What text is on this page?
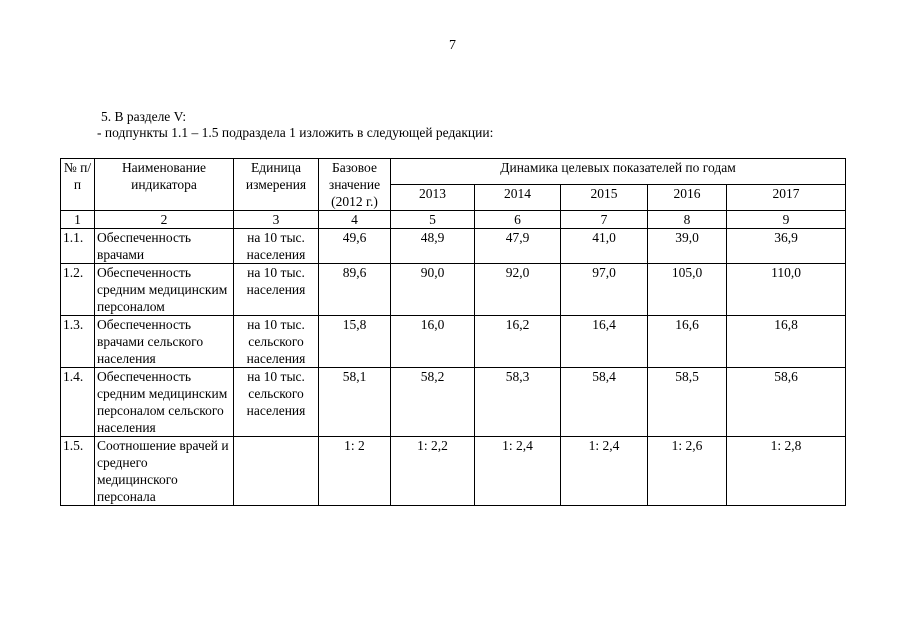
7
5. В разделе V:
- подпункты 1.1 – 1.5 подраздела 1 изложить в следующей редакции:
№ п/п	Наименование индикатора	Единица измерения	Базовое значение (2012 г.)	Динамика целевых показателей по годам				
				2013	2014	2015	2016	2017
1	2	3	4	5	6	7	8	9
1.1.	Обеспеченность врачами	на 10 тыс. населения	49,6	48,9	47,9	41,0	39,0	36,9
1.2.	Обеспеченность средним медицинским персоналом	на 10 тыс. населения	89,6	90,0	92,0	97,0	105,0	110,0
1.3.	Обеспеченность врачами сельского населения	на 10 тыс. сельского населения	15,8	16,0	16,2	16,4	16,6	16,8
1.4.	Обеспеченность средним медицинским персоналом сельского населения	на 10 тыс. сельского населения	58,1	58,2	58,3	58,4	58,5	58,6
1.5.	Соотношение врачей и среднего медицинского персонала		1: 2	1: 2,2	1: 2,4	1: 2,4	1: 2,6	1: 2,8
